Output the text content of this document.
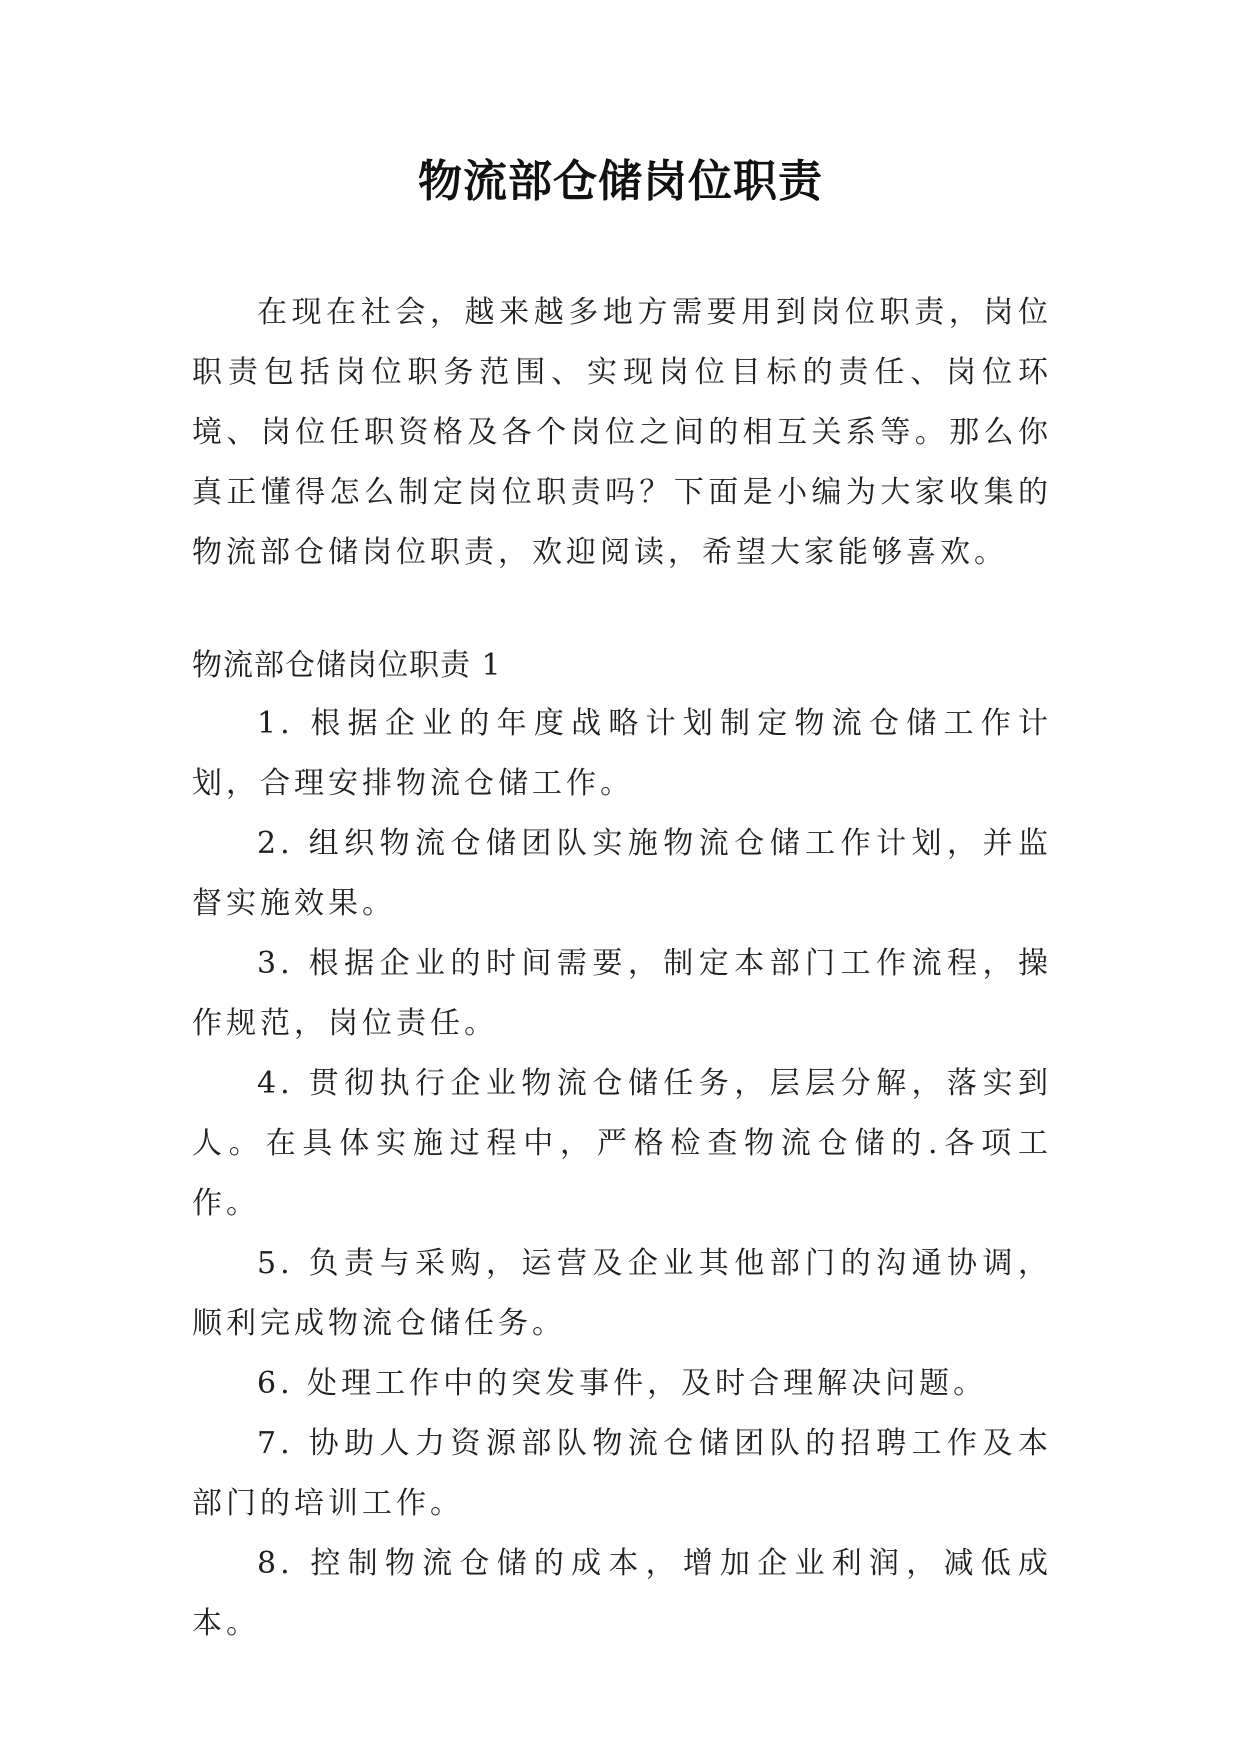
物流部仓储岗位职责
在现在社会，越来越多地方需要用到岗位职责，岗位职责包括岗位职务范围、实现岗位目标的责任、岗位环境、岗位任职资格及各个岗位之间的相互关系等。那么你真正懂得怎么制定岗位职责吗？下面是小编为大家收集的物流部仓储岗位职责，欢迎阅读，希望大家能够喜欢。
物流部仓储岗位职责 1

1. 根据企业的年度战略计划制定物流仓储工作计划，合理安排物流仓储工作。

2. 组织物流仓储团队实施物流仓储工作计划，并监督实施效果。

3. 根据企业的时间需要，制定本部门工作流程，操作规范，岗位责任。

4. 贯彻执行企业物流仓储任务，层层分解，落实到人。在具体实施过程中，严格检查物流仓储的.各项工作。

5. 负责与采购，运营及企业其他部门的沟通协调，顺利完成物流仓储任务。

6. 处理工作中的突发事件，及时合理解决问题。

7. 协助人力资源部队物流仓储团队的招聘工作及本部门的培训工作。

8. 控制物流仓储的成本，增加企业利润，减低成本。
